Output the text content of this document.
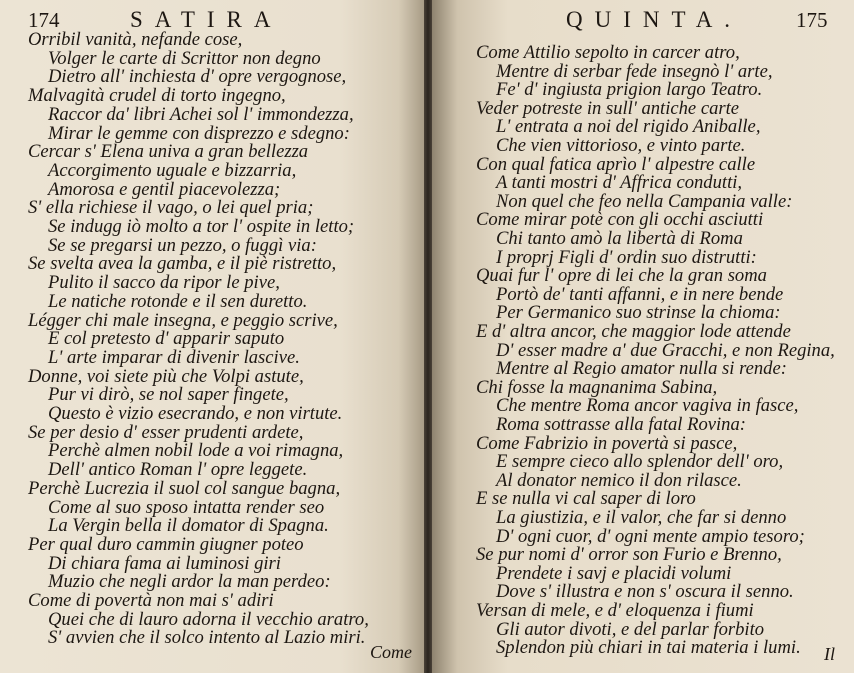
174	SATIRA
Orribil vanità, nefande cose,
Volger le carte di Scrittor non degno
Dietro all' inchiesta d' opre vergognose,
Malvagità crudel di torto ingegno,
Raccor da' libri Achei sol l' immondezza,
Mirar le gemme con disprezzo e sdegno:
Cercar s' Elena univa a gran bellezza
Accorgimento uguale e bizzarria,
Amorosa e gentil piacevolezza;
S' ella richiese il vago, o lei quel pria;
Se indugg iò molto a tor l' ospite in letto;
Se se pregarsi un pezzo, o fuggì via:
Se svelta avea la gamba, e il piè ristretto,
Pulito il sacco da ripor le pive,
Le natiche rotonde e il sen duretto.
Légger chi male insegna, e peggio scrive,
E col pretesto d' apparir saputo
L' arte imparar di divenir lascive.
Donne, voi siete più che Volpi astute,
Pur vi dirò, se nol saper fingete,
Questo è vizio esecrando, e non virtute.
Se per desio d' esser prudenti ardete,
Perchè almen nobil lode a voi rimagna,
Dell' antico Roman l' opre leggete.
Perchè Lucrezia il suol col sangue bagna,
Come al suo sposo intatta render seo
La Vergin bella il domator di Spagna.
Per qual duro cammin giugner poteo
Di chiara fama ai luminosi giri
Muzio che negli ardor la man perdeo:
Come di povertà non mai s' adiri
Quei che di lauro adorna il vecchio aratro,
S' avvien che il solco intento al Lazio miri.
Come
QUINTA.	175
Come Attilio sepolto in carcer atro,
Mentre di serbar fede insegnò l' arte,
Fe' d' ingiusta prigion largo Teatro.
Veder potreste in sull' antiche carte
L' entrata a noi del rigido Aniballe,
Che vien vittorioso, e vinto parte.
Con qual fatica aprìo l' alpestre calle
A tanti mostri d' Affrica condutti,
Non quel che feo nella Campania valle:
Come mirar potè con gli occhi asciutti
Chi tanto amò la libertà di Roma
I proprj Figli d' ordin suo distrutti:
Quai fur l' opre di lei che la gran soma
Portò de' tanti affanni, e in nere bende
Per Germanico suo strinse la chioma:
E d' altra ancor, che maggior lode attende
D' esser madre a' due Gracchi, e non Regina,
Mentre al Regio amator nulla si rende:
Chi fosse la magnanima Sabina,
Che mentre Roma ancor vagiva in fasce,
Roma sottrasse alla fatal Rovina:
Come Fabrizio in povertà si pasce,
E sempre cieco allo splendor dell' oro,
Al donator nemico il don rilasce.
E se nulla vi cal saper di loro
La giustizia, e il valor, che far si denno
D' ogni cuor, d' ogni mente ampio tesoro;
Se pur nomi d' orror son Furio e Brenno,
Prendete i savj e placidi volumi
Dove s' illustra e non s' oscura il senno.
Versan di mele, e d' eloquenza i fiumi
Gli autor divoti, e del parlar forbito
Splendon più chiari in tai materia i lumi. Il
